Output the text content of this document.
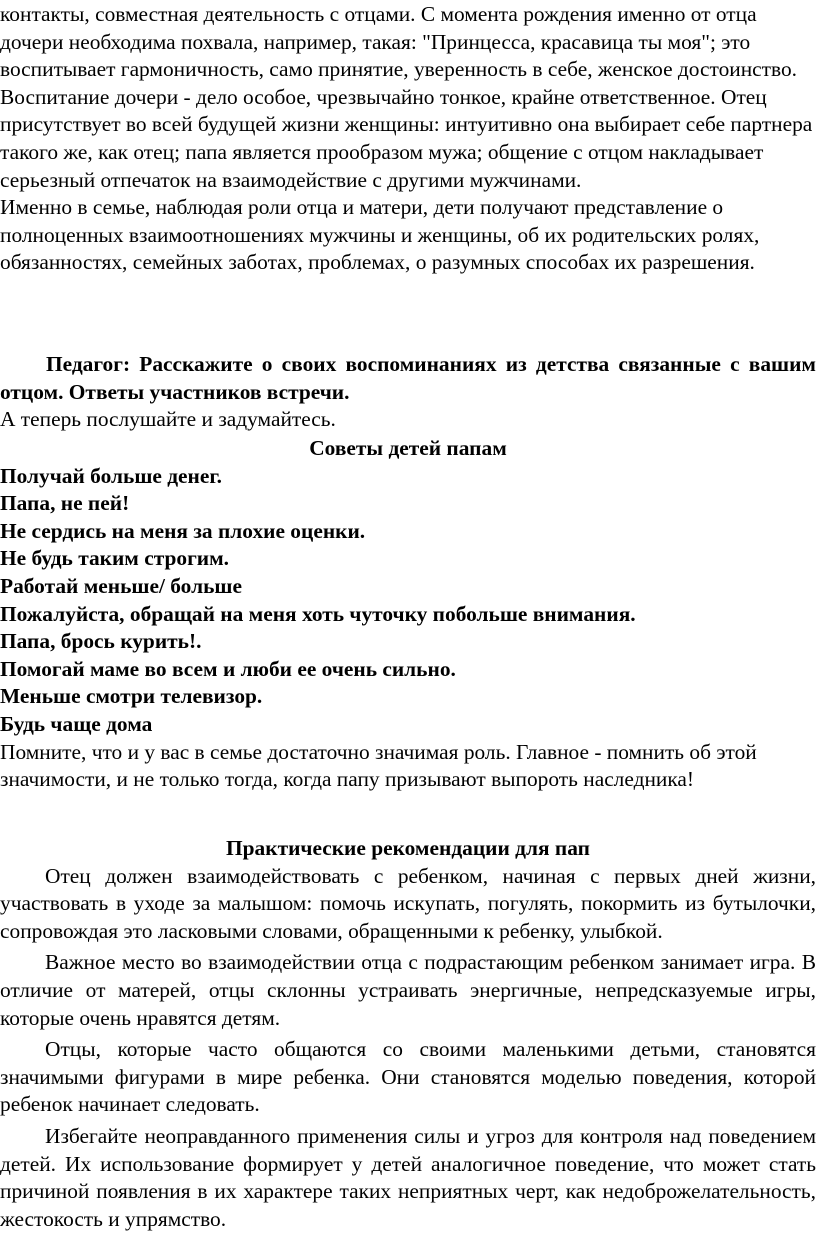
контакты, совместная деятельность с отцами. С момента рождения именно от отца дочери необходима похвала, например, такая: "Принцесса, красавица ты моя"; это воспитывает гармоничность, само принятие, уверенность в себе, женское достоинство. Воспитание дочери - дело особое, чрезвычайно тонкое, крайне ответственное. Отец присутствует во всей будущей жизни женщины: интуитивно она выбирает себе партнера такого же, как отец; папа является прообразом мужа; общение с отцом накладывает серьезный отпечаток на взаимодействие с другими мужчинами.

Именно в семье, наблюдая роли отца и матери, дети получают представление о полноценных взаимоотношениях мужчины и женщины, об их родительских ролях, обязанностях, семейных заботах, проблемах, о разумных способах их разрешения.

Педагог: Расскажите о своих воспоминаниях из детства связанные с вашим отцом. Ответы участников встречи.

А теперь послушайте и задумайтесь.

Советы детей папам

Получай больше денег.

Папа, не пей!

Не сердись на меня за плохие оценки.

Не будь таким строгим.

Работай меньше/ больше

Пожалуйста, обращай на меня хоть чуточку побольше внимания.

Папа, брось курить!.

Помогай маме во всем и люби ее очень сильно.

Меньше смотри телевизор.

Будь чаще дома

Помните, что и у вас в семье достаточно значимая роль. Главное - помнить об этой значимости, и не только тогда, когда папу призывают выпороть наследника!

Практические рекомендации для пап

Отец должен взаимодействовать с ребенком, начиная с первых дней жизни, участвовать в уходе за малышом: помочь искупать, погулять, покормить из бутылочки, сопровождая это ласковыми словами, обращенными к ребенку, улыбкой.

Важное место во взаимодействии отца с подрастающим ребенком занимает игра. В отличие от матерей, отцы склонны устраивать энергичные, непредсказуемые игры, которые очень нравятся детям.

Отцы, которые часто общаются со своими маленькими детьми, становятся значимыми фигурами в мире ребенка. Они становятся моделью поведения, которой ребенок начинает следовать.

Избегайте неоправданного применения силы и угроз для контроля над поведением детей. Их использование формирует у детей аналогичное поведение, что может стать причиной появления в их характере таких неприятных черт, как недоброжелательность, жестокость и упрямство.
